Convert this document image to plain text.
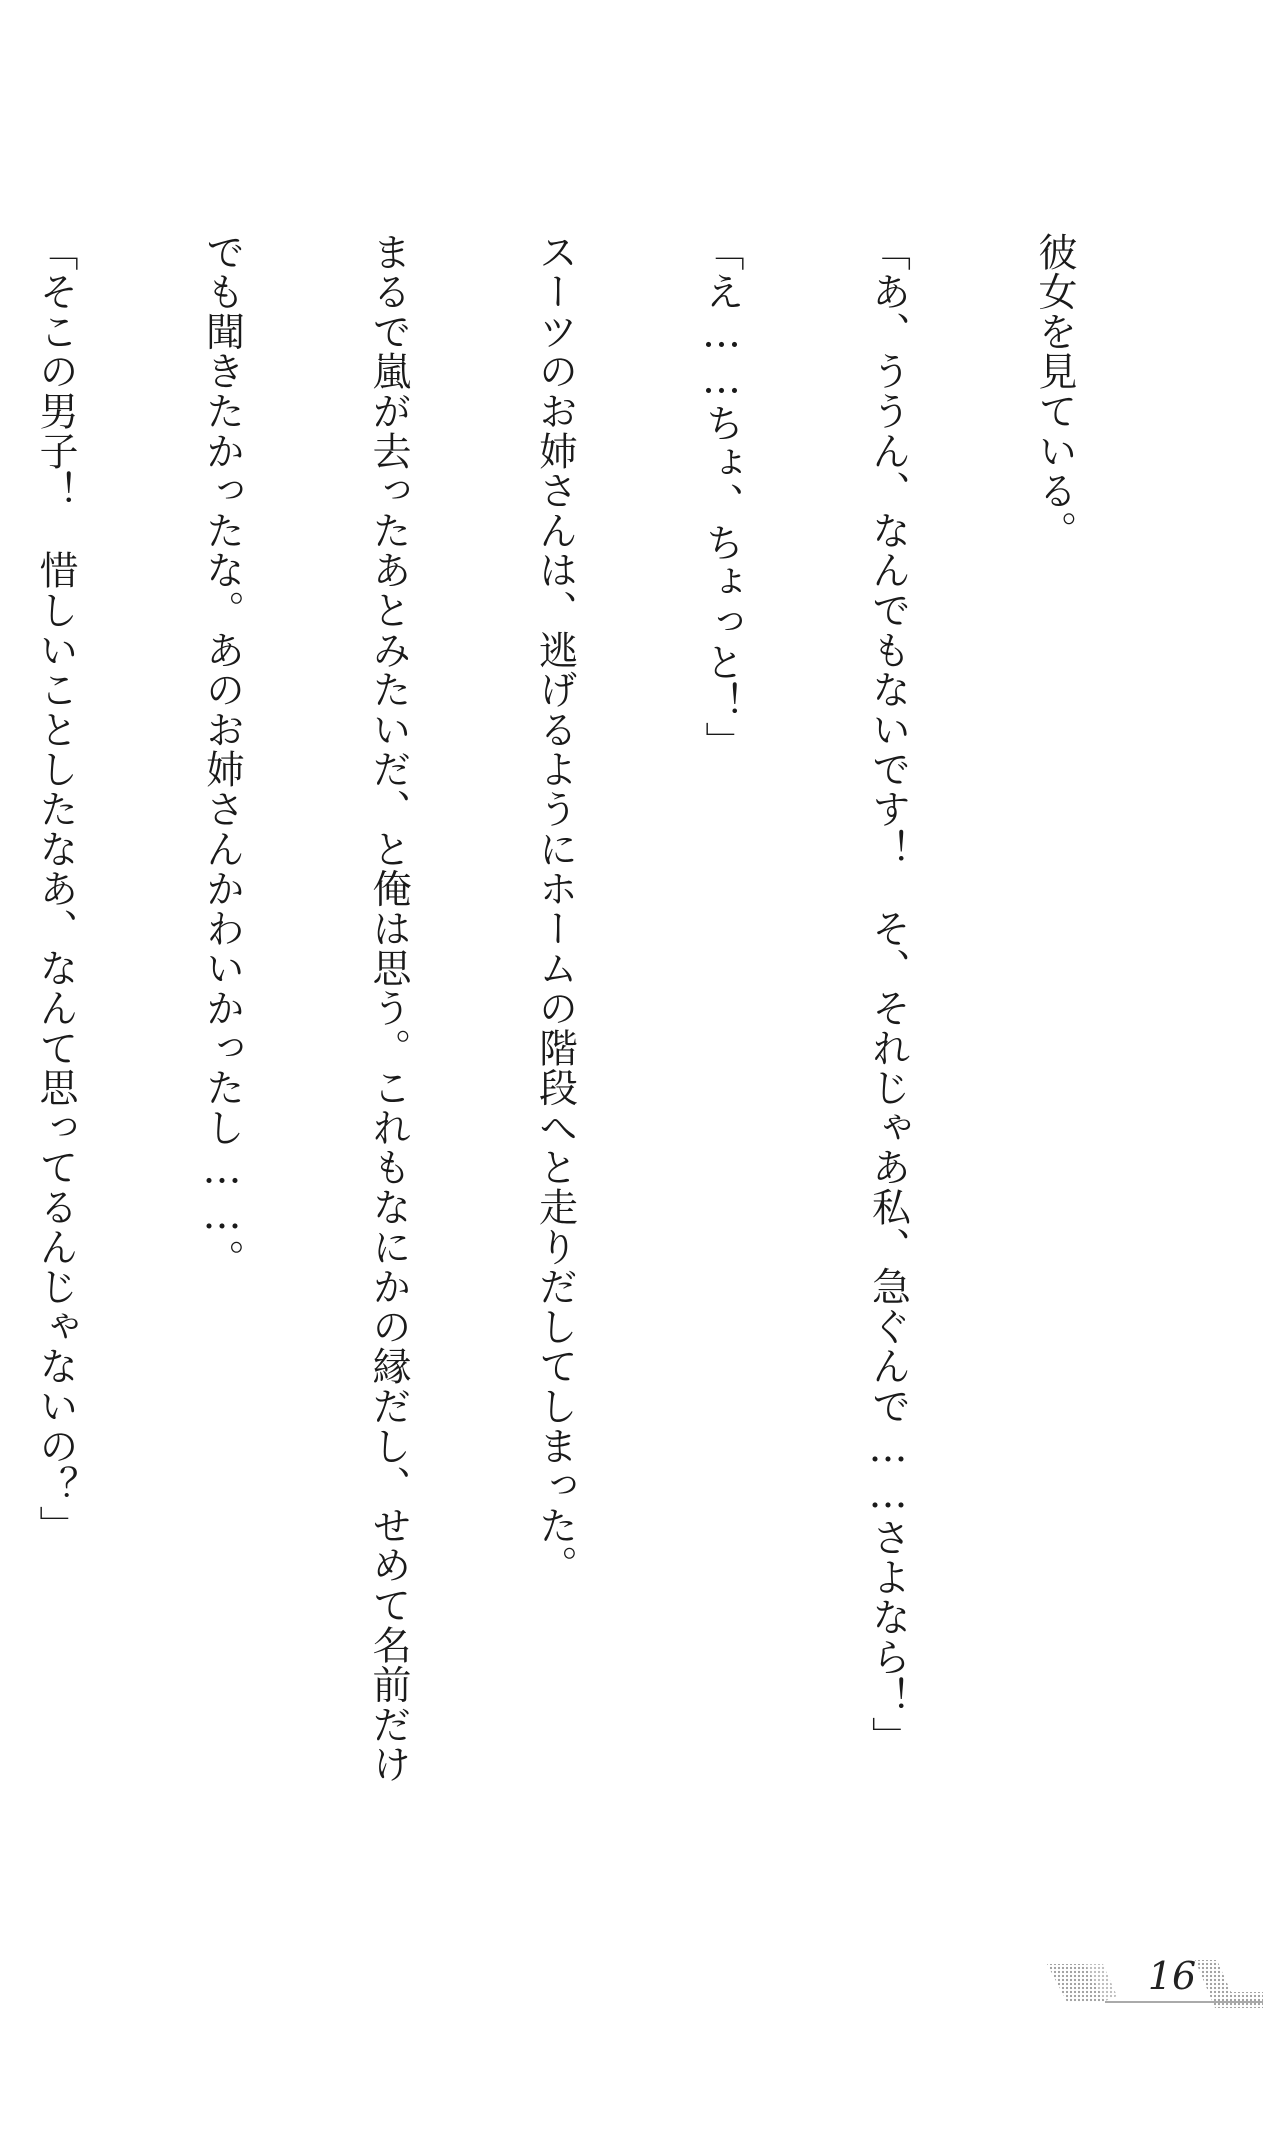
彼女を見ている。

「あ、ううん、なんでもないです！　そ、それじゃあ私、急ぐんで……さよなら！」

「え……ちょ、ちょっと！」

スーツのお姉さんは、逃げるようにホームの階段へと走りだしてしまった。

まるで嵐が去ったあとみたいだ、と俺は思う。これもなにかの縁だし、せめて名前だけ

でも聞きたかったな。あのお姉さんかわいかったし……。

「そこの男子！　惜しいことしたなあ、なんて思ってるんじゃないの？」

16
